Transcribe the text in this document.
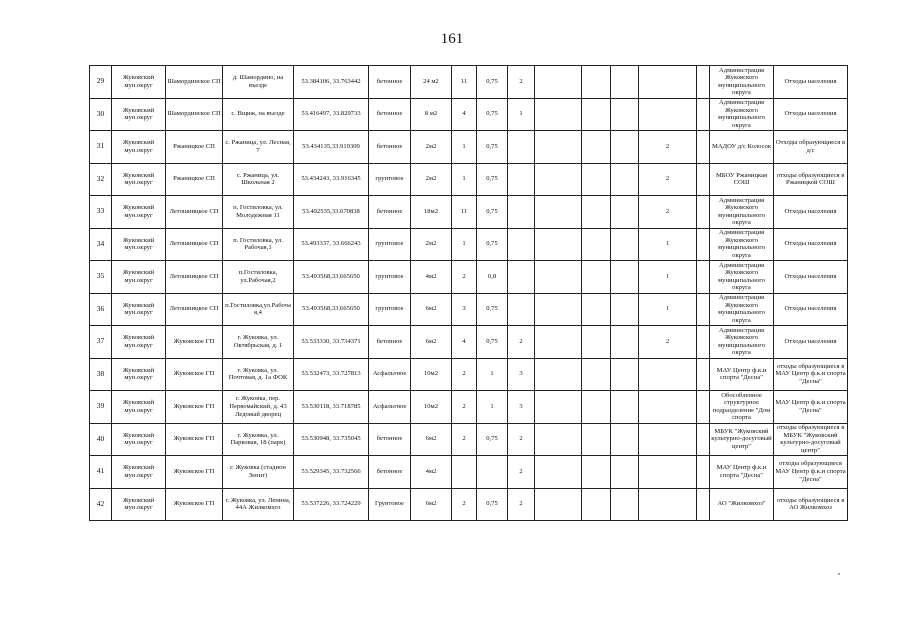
161
29	Жуковский мун.округ	Шамординское СП	д. Шамордино, на въезде	53.384106, 33.763442	бетонное	24 м2	11	0,75	2						Администрация Жуковского муниципального округа	Отходы населения
30	Жуковский мун.округ	Шамординское СП	с. Вщиж, на въезде	53.416497, 33.829733	бетонное	8 м2	4	0,75	1						Администрация Жуковского муниципального округа	Отходы населения
31	Жуковский мун.округ	Ржаницкое СП	с. Ржаница, ул. Лесная, 7	53.434135,33.919309	бетонное	2м2	1	0,75					2		МАДОУ д/с Колосок	Отходы образующиеся в д/с
32	Жуковский мун.округ	Ржаницкое СП	с. Ржаница, ул. Школьная 2	53.434243, 33.916345	грунтовое	2м2	1	0,75					2		МБОУ Ржаницкая СОШ	отходы образующиеся в Ржаницкой СОШ
33	Жуковский мун.округ	Летошницкое СП	п. Гостиловка, ул. Молодежная 11	53.492535,33.670838	бетонное	18м2	11	0,75					2		Администрация Жуковского муниципального округа	Отходы населения
34	Жуковский мун.округ	Летошницкое СП	п. Гостиловка, ул. Рабочая,1	53.493337, 33.666243	грунтовое	2м2	1	0,75					1		Администрация Жуковского муниципального округа	Отходы населения
35	Жуковский мун.округ	Летошницкое СП	п.Гостиловка, ул.Рабочая,2	53.493568,33.665650	грунтовое	4м2	2	0,8					1		Администрация Жуковского муниципального округа	Отходы населения
36	Жуковский мун.округ	Летошницкое СП	п.Гостиловка,ул.Рабочая,4	53.493568,33.665650	грунтовое	6м2	3	0,75					1		Администрация Жуковского муниципального округа	Отходы населения
37	Жуковский мун.округ	Жуковское ГП	г. Жуковка, ул. Октябрьская, д. 1	53.533330, 33.734371	бетонное	6м2	4	0,75	2				2		Администрация Жуковского муниципального округа	Отходы населения
38	Жуковский мун.округ	Жуковское ГП	г. Жуковка, ул. Почтовая, д. 1а ФОК	53.532473, 33.727813	Асфальтное	10м2	2	1	3						МАУ Центр ф.к.и спорта "Десна"	отходы образующиеся в МАУ Центр ф.к.и спорта "Десна"
39	Жуковский мун.округ	Жуковское ГП	г. Жуковка, пер. Первомайский, д. 43 Ледовый дворец	53.530118, 33.718785	Асфальтное	10м2	2	1	3						Обособленное структурное подразделение "Дом спорта	МАУ Центр ф.к.и спорта "Десна"
40	Жуковский мун.округ	Жуковское ГП	г. Жуковка, ул. Парковая, 18 (парк)	53.530948, 33.735045	бетонное	6м2	2	0,75	2						МБУК "Жуковский культурно-досуговый центр"	отходы образующиеся в МБУК "Жуковский культурно-досуговый центр"
41	Жуковский мун.округ	Жуковское ГП	г. Жуковка (стадион Зенит)	53.529345, 33.732566	бетонное	4м2			2						МАУ Центр ф.к.и спорта "Десна"	отходы образующиеся МАУ Центр ф.к.и спорта "Десна"
42	Жуковский мун.округ	Жуковское ГП	г. Жуковка, ул. Ленина, 44А Жилкомхоз	53.537226, 33.724229	Грунтовое	6м2	2	0,75	2						АО "Жилкомхоз"	отходы образующиеся в АО Жилкомхоз
